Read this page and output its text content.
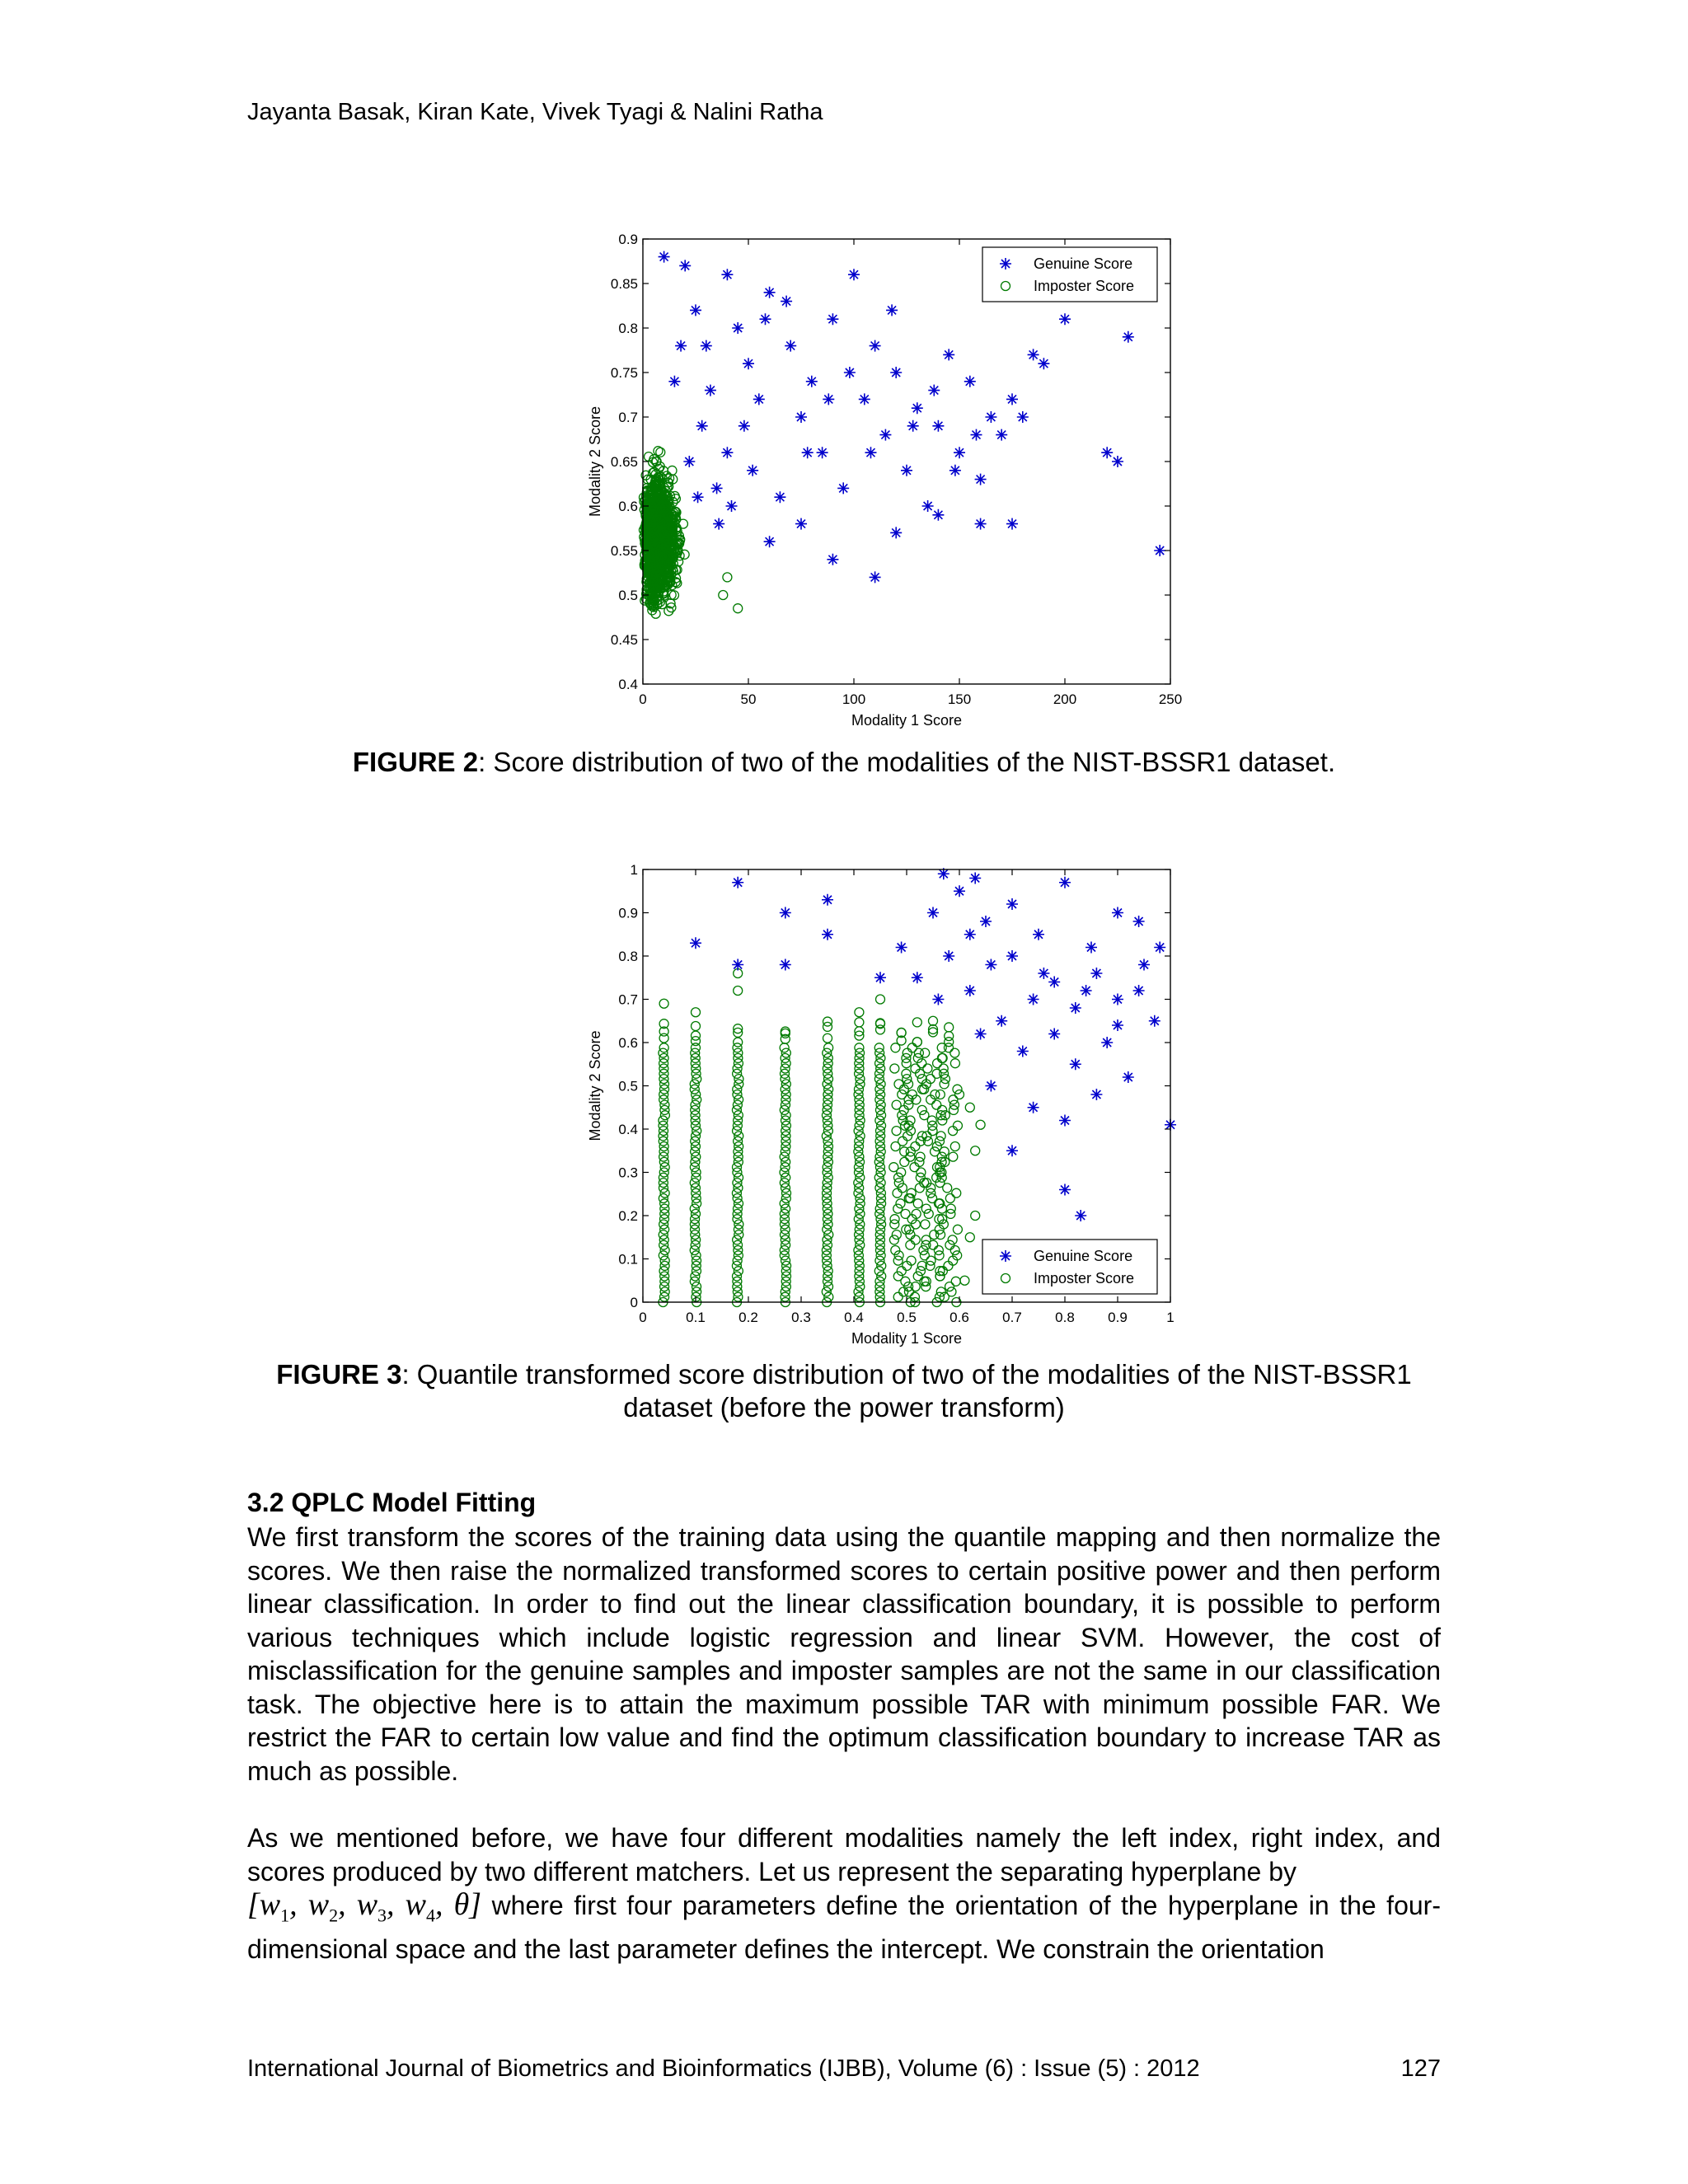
Jayanta Basak, Kiran Kate, Vivek Tyagi & Nalini Ratha
0	50	100	150	200	250
0.4
0.45
0.5
0.55
0.6
0.65
0.7
0.75
0.8
0.85
0.9
Modality 1 Score
Modality 2 Score
Genuine Score
Imposter Score
FIGURE 2: Score distribution of two of the modalities of the NIST-BSSR1 dataset.
0	0.1 0.2 0.3 0.4 0.5 0.6 0.7 0.8 0.9	1
0
0.1
0.2
0.3
0.4
0.5
0.6
0.7
0.8
0.9
1
Modality 1 Score
Modality 2 Score
Genuine Score
Imposter Score
FIGURE 3: Quantile transformed score distribution of two of the modalities of the NIST-BSSR1
dataset (before the power transform)
3.2 QPLC Model Fitting
We first transform the scores of the training data using the quantile mapping and then normalize the scores. We then raise the normalized transformed scores to certain positive power and then perform linear classification. In order to find out the linear classification boundary, it is possible to perform various techniques which include logistic regression and linear SVM. However, the cost of misclassification for the genuine samples and imposter samples are not the same in our classification task. The objective here is to attain the maximum possible TAR with minimum possible FAR. We restrict the FAR to certain low value and find the optimum classification boundary to increase TAR as much as possible.
As we mentioned before, we have four different modalities namely the left index, right index, and scores produced by two different matchers. Let us represent the separating hyperplane by
[$w_1$, $w_2$, $w_3$, $w_4$, θ] where first four parameters define the orientation of the hyperplane in the four-dimensional space and the last parameter defines the intercept. We constrain the orientation
International Journal of Biometrics and Bioinformatics (IJBB), Volume (6) : Issue (5) : 2012	127
